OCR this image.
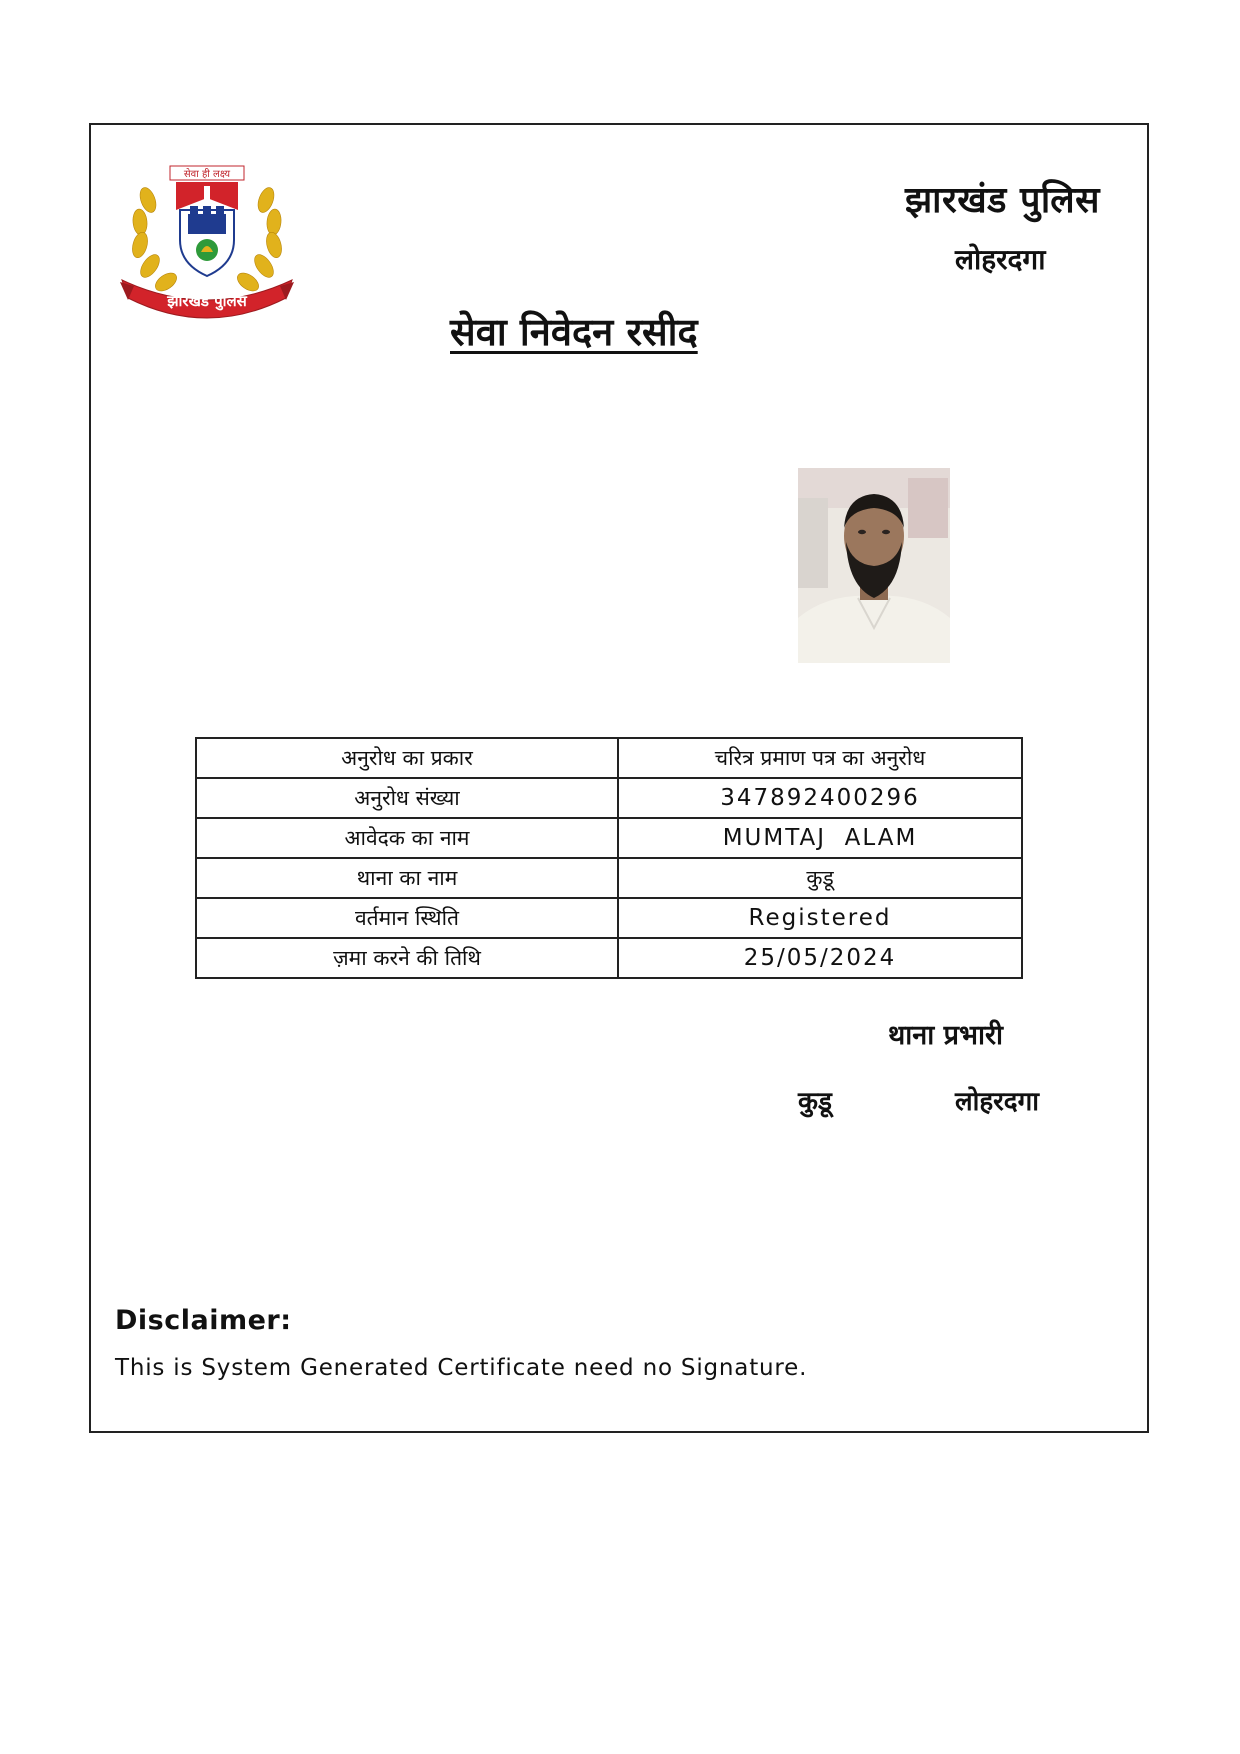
सेवा ही लक्ष्य
झारखंड पुलिस
झारखंड पुलिस
लोहरदगा
सेवा निवेदन रसीद
अनुरोध का प्रकार	चरित्र प्रमाण पत्र का अनुरोध
अनुरोध संख्या	347892400296
आवेदक का नाम	MUMTAJ  ALAM
थाना का नाम	कुडू
वर्तमान स्थिति	Registered
ज़मा करने की तिथि	25/05/2024
थाना प्रभारी
कुडू	लोहरदगा
Disclaimer:
This is System Generated Certificate need no Signature.
